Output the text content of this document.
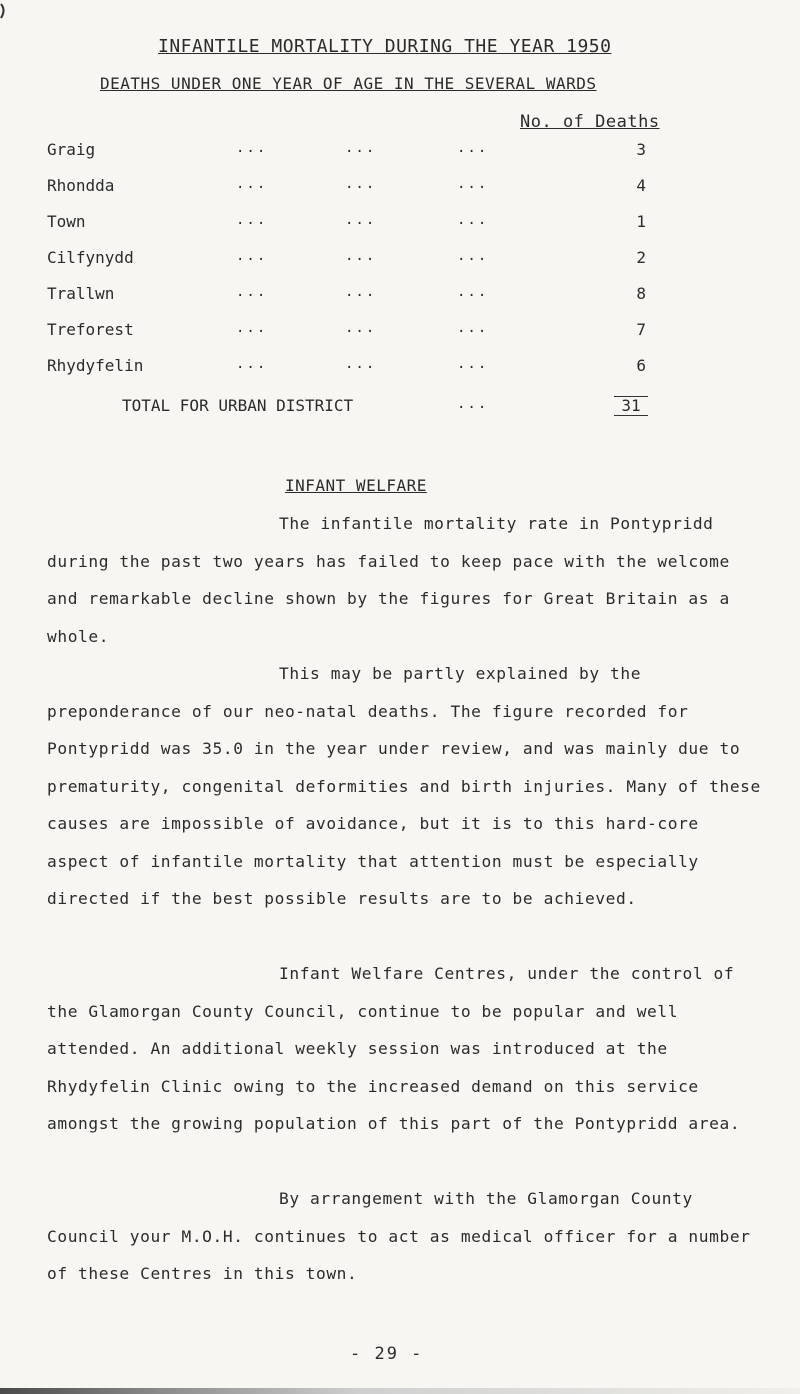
INFANTILE MORTALITY DURING THE YEAR 1950
DEATHS UNDER ONE YEAR OF AGE IN THE SEVERAL WARDS
No. of Deaths
Graig	...	...	...	3
Rhondda	...	...	...	4
Town	...	...	...	1
Cilfynydd	...	...	...	2
Trallwn	...	...	...	8
Treforest	...	...	...	7
Rhydyfelin	...	...	...	6
TOTAL FOR URBAN DISTRICT	...	31
INFANT WELFARE

The infantile mortality rate in Pontypridd during the past two years has failed to keep pace with the welcome and remarkable decline shown by the figures for Great Britain as a whole.

This may be partly explained by the preponderance of our neo-natal deaths. The figure recorded for Pontypridd was 35.0 in the year under review, and was mainly due to prematurity, congenital deformities and birth injuries. Many of these causes are impossible of avoidance, but it is to this hard-core aspect of infantile mortality that attention must be especially directed if the best possible results are to be achieved.

Infant Welfare Centres, under the control of the Glamorgan County Council, continue to be popular and well attended. An additional weekly session was introduced at the Rhydyfelin Clinic owing to the increased demand on this service amongst the growing population of this part of the Pontypridd area.

By arrangement with the Glamorgan County Council your M.O.H. continues to act as medical officer for a number of these Centres in this town.

- 29 -
